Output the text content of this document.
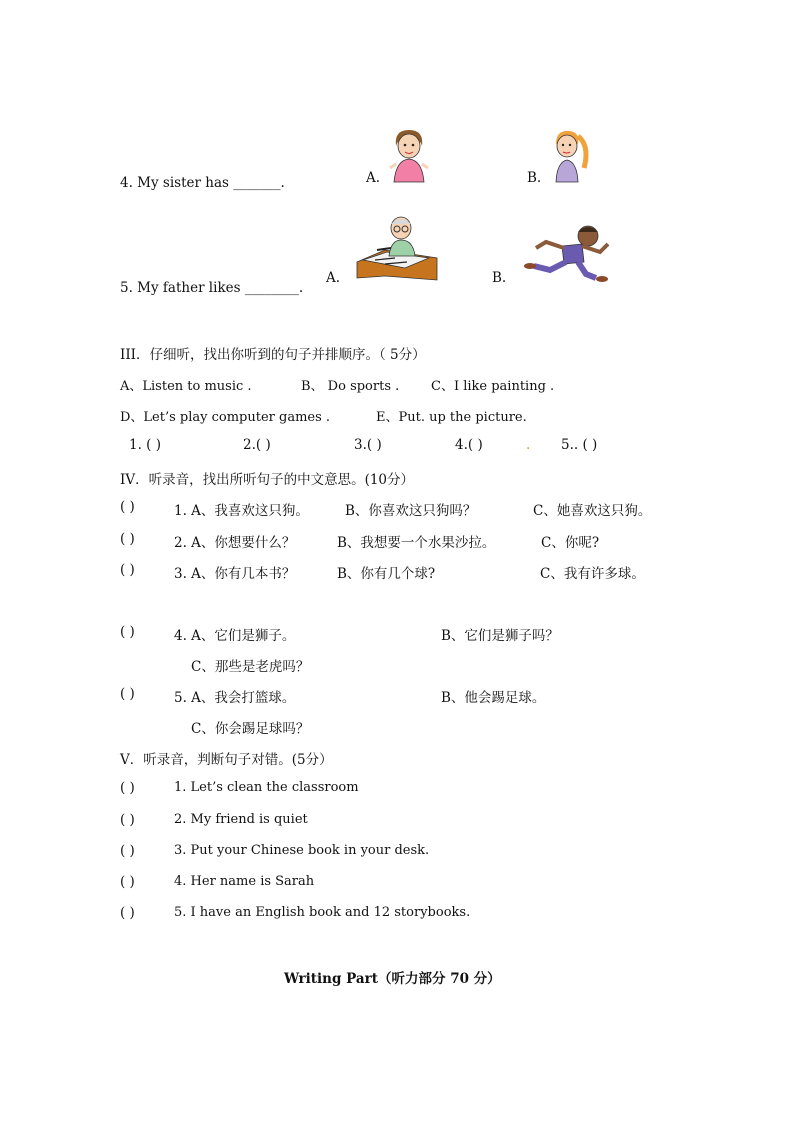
4. My sister has _______.	A.	B.
5. My father likes ________.
A.	B.
III．仔细听，找出你听到的句子并排顺序。（ 5分）
A、Listen to music .	B、 Do sports . C、I like painting .
D、Let’s play computer games .	E、Put. up the picture.
1. ( )	2.( )	3.( )	4.( )	. 5.. ( )
IV．听录音，找出所听句子的中文意思。(10分）
( )	1. A、我喜欢这只狗。	B、你喜欢这只狗吗？	C、她喜欢这只狗。
( )	2. A、你想要什么？	B、我想要一个水果沙拉。	C、你呢?
( )	3. A、你有几本书？	B、你有几个球?	C、我有许多球。
( )	4. A、它们是狮子。	B、它们是狮子吗？
C、那些是老虎吗？
( )	5. A、我会打篮球。	B、他会踢足球。
C、你会踢足球吗？
V．听录音，判断句子对错。(5分）
( )	1. Let’s clean the classroom
( )	2. My friend is quiet
( )	3. Put your Chinese book in your desk.
( )	4. Her name is Sarah
( )	5. I have an English book and 12 storybooks.
Writing Part（听力部分 70 分）
